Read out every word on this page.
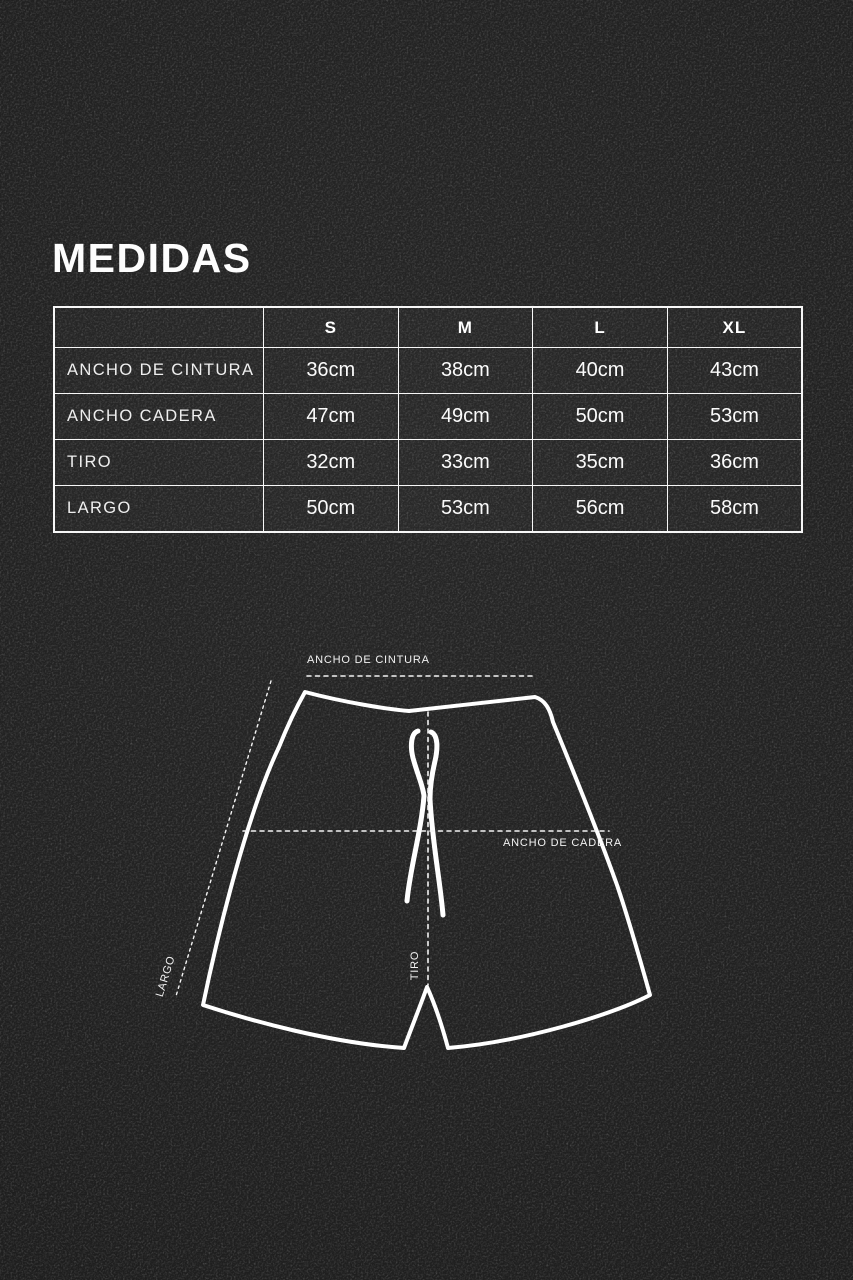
MEDIDAS
	S	M	L	XL
ANCHO DE CINTURA	36cm	38cm	40cm	43cm
ANCHO CADERA	47cm	49cm	50cm	53cm
TIRO	32cm	33cm	35cm	36cm
LARGO	50cm	53cm	56cm	58cm
ANCHO DE CINTURA
ANCHO DE CADERA
TIRO
LARGO
